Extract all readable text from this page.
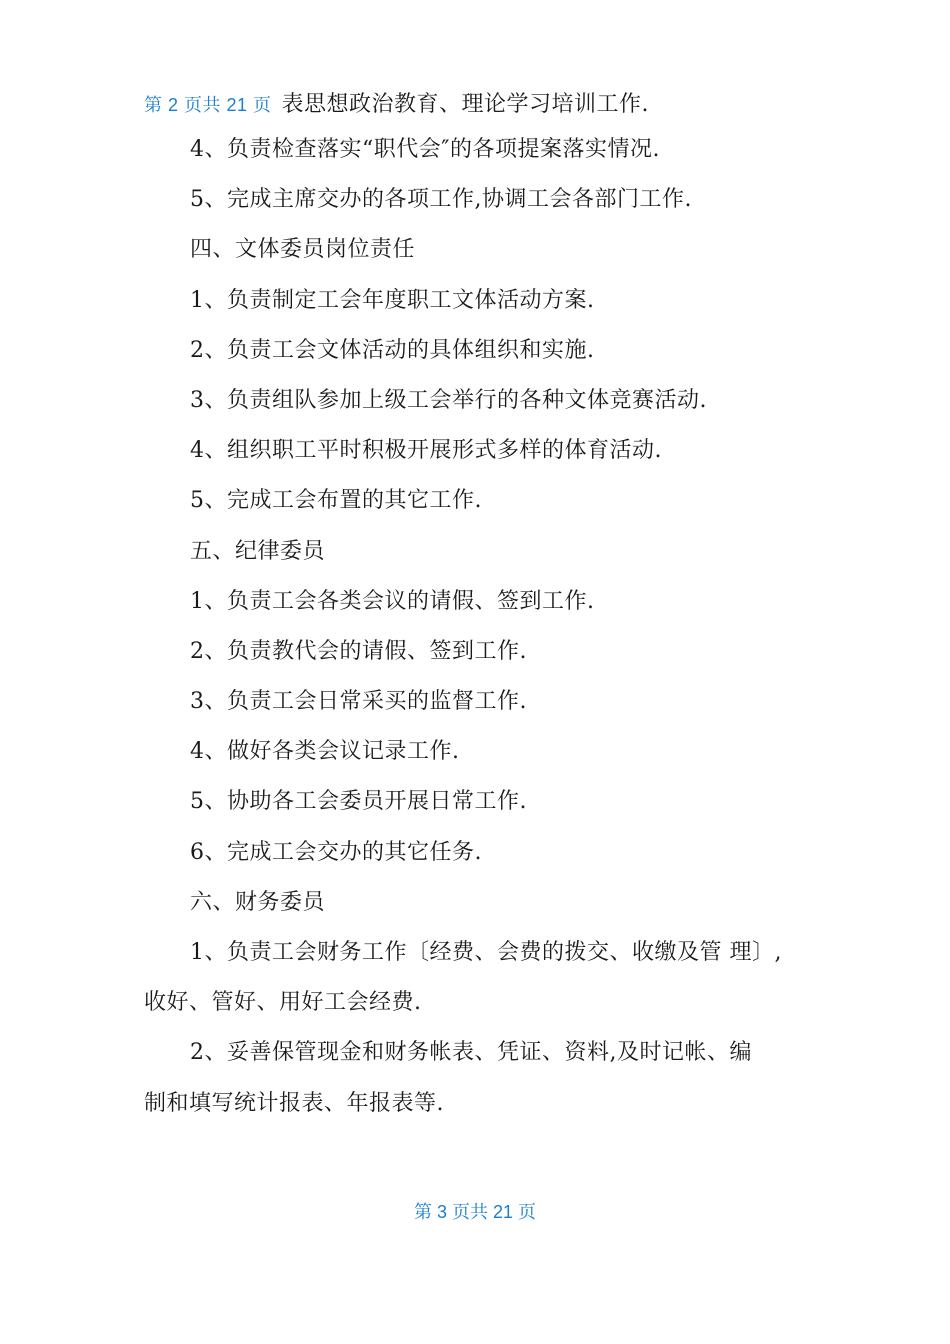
第 2 页共 21 页 表思想政治教育、理论学习培训工作.
4、负责检查落实“职代会″的各项提案落实情况.
5、完成主席交办的各项工作,协调工会各部门工作.
四、文体委员岗位责任
1、负责制定工会年度职工文体活动方案.
2、负责工会文体活动的具体组织和实施.
3、负责组队参加上级工会举行的各种文体竞赛活动.
4、组织职工平时积极开展形式多样的体育活动.
5、完成工会布置的其它工作.
五、纪律委员
1、负责工会各类会议的请假、签到工作.
2、负责教代会的请假、签到工作.
3、负责工会日常采买的监督工作.
4、做好各类会议记录工作.
5、协助各工会委员开展日常工作.
6、完成工会交办的其它任务.
六、财务委员
1、负责工会财务工作〔经费、会费的拨交、收缴及管 理〕,
收好、管好、用好工会经费.
2、妥善保管现金和财务帐表、凭证、资料,及时记帐、编
制和填写统计报表、年报表等.
第 3 页共 21 页
